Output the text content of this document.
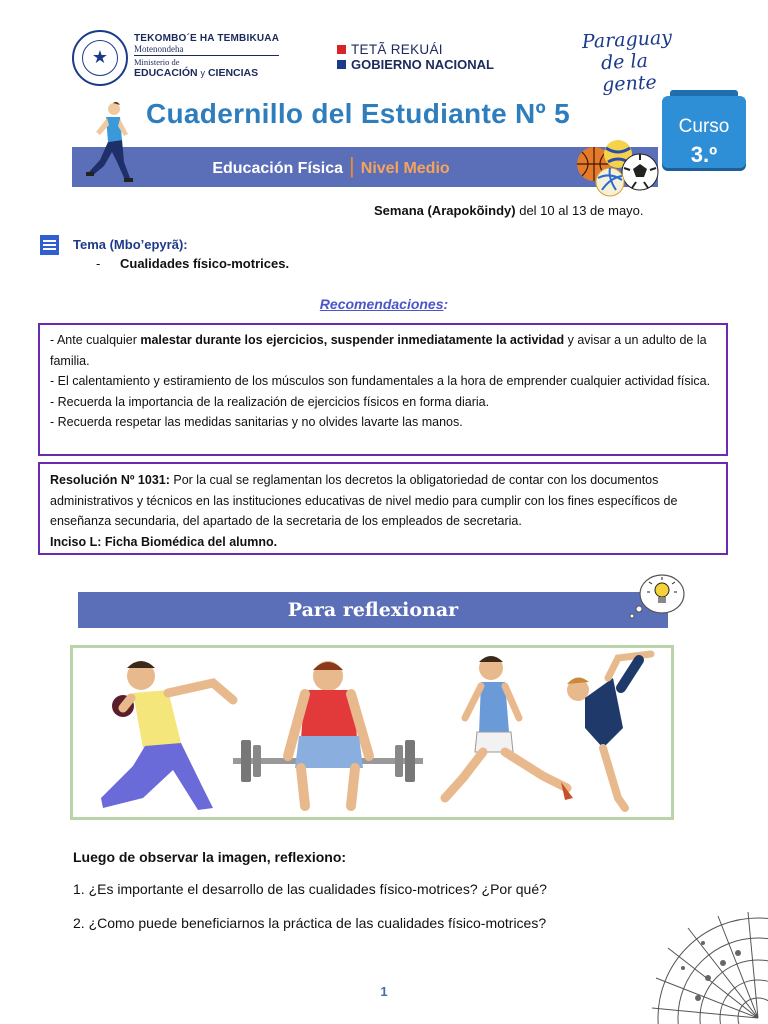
★
TEKOMBO´E HA TEMBIKUAA
Motenondeha
Ministerio de
EDUCACIÓN y CIENCIAS
TETÃ REKUÁI
GOBIERNO NACIONAL
Paraguay
de la gente
Cuadernillo del Estudiante Nº 5
Educación Física | Nivel Medio
Curso
3.º
Semana (Arapokõindy) del 10 al 13 de mayo.
Tema (Mbo’epyrã):
- Cualidades físico-motrices.
Recomendaciones:

- Ante cualquier malestar durante los ejercicios, suspender inmediatamente la actividad y avisar a un adulto de la familia.

- El calentamiento y estiramiento de los músculos son fundamentales a la hora de emprender cualquier actividad física.

- Recuerda la importancia de la realización de ejercicios físicos en forma diaria.

- Recuerda respetar las medidas sanitarias y no olvides lavarte las manos.

Resolución Nº 1031: Por la cual se reglamentan los decretos la obligatoriedad de contar con los documentos administrativos y técnicos en las instituciones educativas de nivel medio para cumplir con los fines específicos de enseñanza secundaria, del apartado de la secretaria de los empleados de secretaria.

Inciso L: Ficha Biomédica del alumno.

Para reflexionar
Luego de observar la imagen, reflexiono:
1. ¿Es importante el desarrollo de las cualidades físico-motrices? ¿Por qué?
2. ¿Como puede beneficiarnos la práctica de las cualidades físico-motrices?
1
